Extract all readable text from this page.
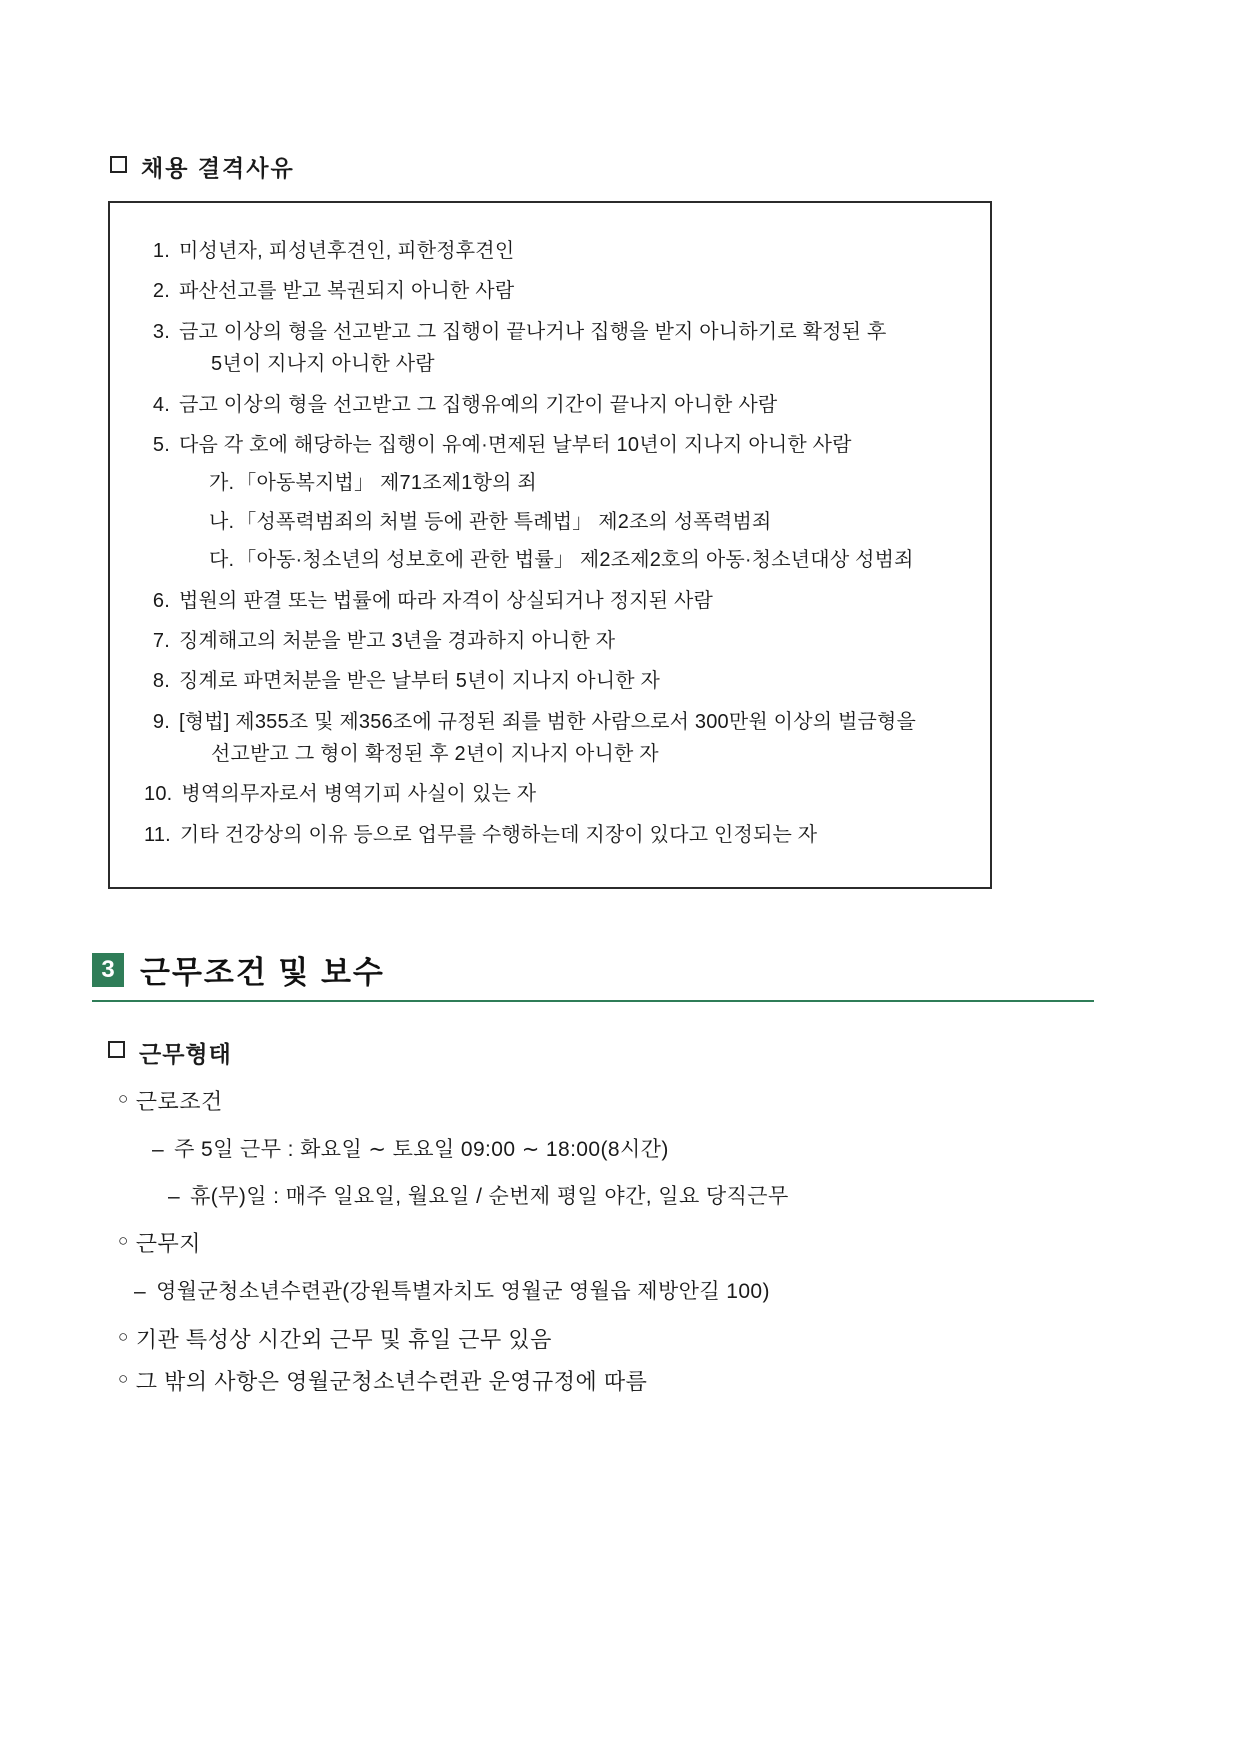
채용 결격사유
1. 미성년자, 피성년후견인, 피한정후견인
2. 파산선고를 받고 복권되지 아니한 사람
3. 금고 이상의 형을 선고받고 그 집행이 끝나거나 집행을 받지 아니하기로 확정된 후
5년이 지나지 아니한 사람
4. 금고 이상의 형을 선고받고 그 집행유예의 기간이 끝나지 아니한 사람
5. 다음 각 호에 해당하는 집행이 유예·면제된 날부터 10년이 지나지 아니한 사람
가. 「아동복지법」 제71조제1항의 죄
나. 「성폭력범죄의 처벌 등에 관한 특례법」 제2조의 성폭력범죄
다. 「아동·청소년의 성보호에 관한 법률」 제2조제2호의 아동·청소년대상 성범죄
6. 법원의 판결 또는 법률에 따라 자격이 상실되거나 정지된 사람
7. 징계해고의 처분을 받고 3년을 경과하지 아니한 자
8. 징계로 파면처분을 받은 날부터 5년이 지나지 아니한 자
9. [형법] 제355조 및 제356조에 규정된 죄를 범한 사람으로서 300만원 이상의 벌금형을
선고받고 그 형이 확정된 후 2년이 지나지 아니한 자
10. 병역의무자로서 병역기피 사실이 있는 자
11. 기타 건강상의 이유 등으로 업무를 수행하는데 지장이 있다고 인정되는 자
3 근무조건 및 보수
근무형태
○ 근로조건
– 주 5일 근무 : 화요일 ∼ 토요일 09:00 ∼ 18:00(8시간)
– 휴(무)일 : 매주 일요일, 월요일 / 순번제 평일 야간, 일요 당직근무
○ 근무지
– 영월군청소년수련관(강원특별자치도 영월군 영월읍 제방안길 100)
○ 기관 특성상 시간외 근무 및 휴일 근무 있음
○ 그 밖의 사항은 영월군청소년수련관 운영규정에 따름
